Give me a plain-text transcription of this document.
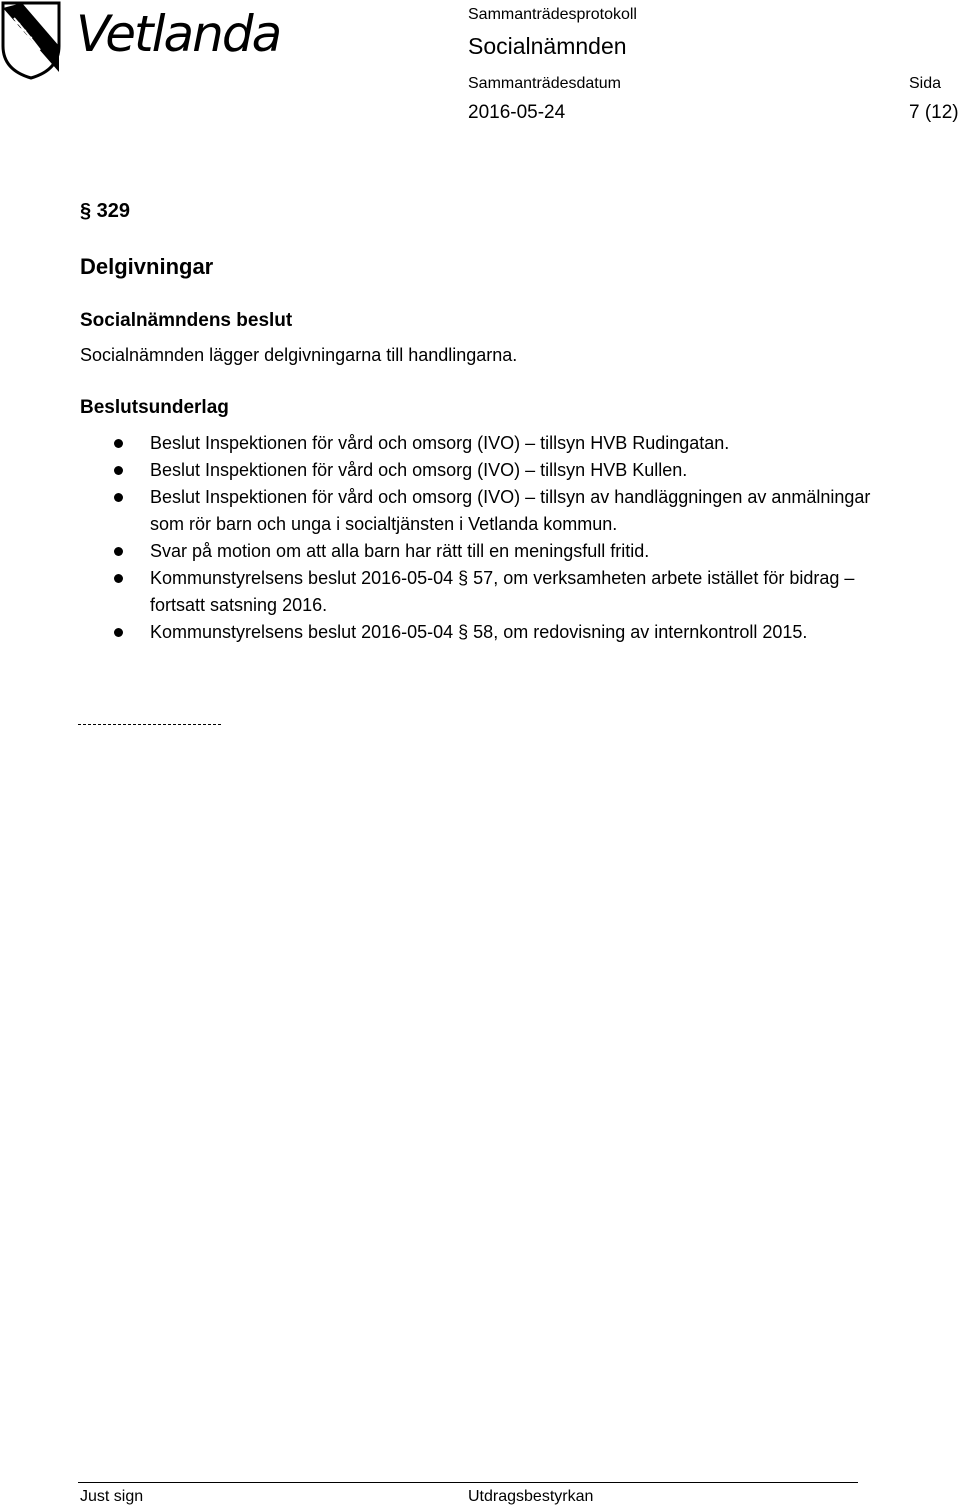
Vetlanda	Sammanträdesprotokoll
Socialnämnden
Sammanträdesdatum
2016-05-24
Sida
7 (12)
§ 329
Delgivningar
Socialnämndens beslut
Socialnämnden lägger delgivningarna till handlingarna.
Beslutsunderlag
Beslut Inspektionen för vård och omsorg (IVO) – tillsyn HVB Rudingatan.
Beslut Inspektionen för vård och omsorg (IVO) – tillsyn HVB Kullen.
Beslut Inspektionen för vård och omsorg (IVO) – tillsyn av handläggningen av anmälningar som rör barn och unga i socialtjänsten i Vetlanda kommun.
Svar på motion om att alla barn har rätt till en meningsfull fritid.
Kommunstyrelsens beslut 2016-05-04 § 57, om verksamheten arbete istället för bidrag – fortsatt satsning 2016.
Kommunstyrelsens beslut 2016-05-04 § 58, om redovisning av internkontroll 2015.
Just sign	Utdragsbestyrkan
